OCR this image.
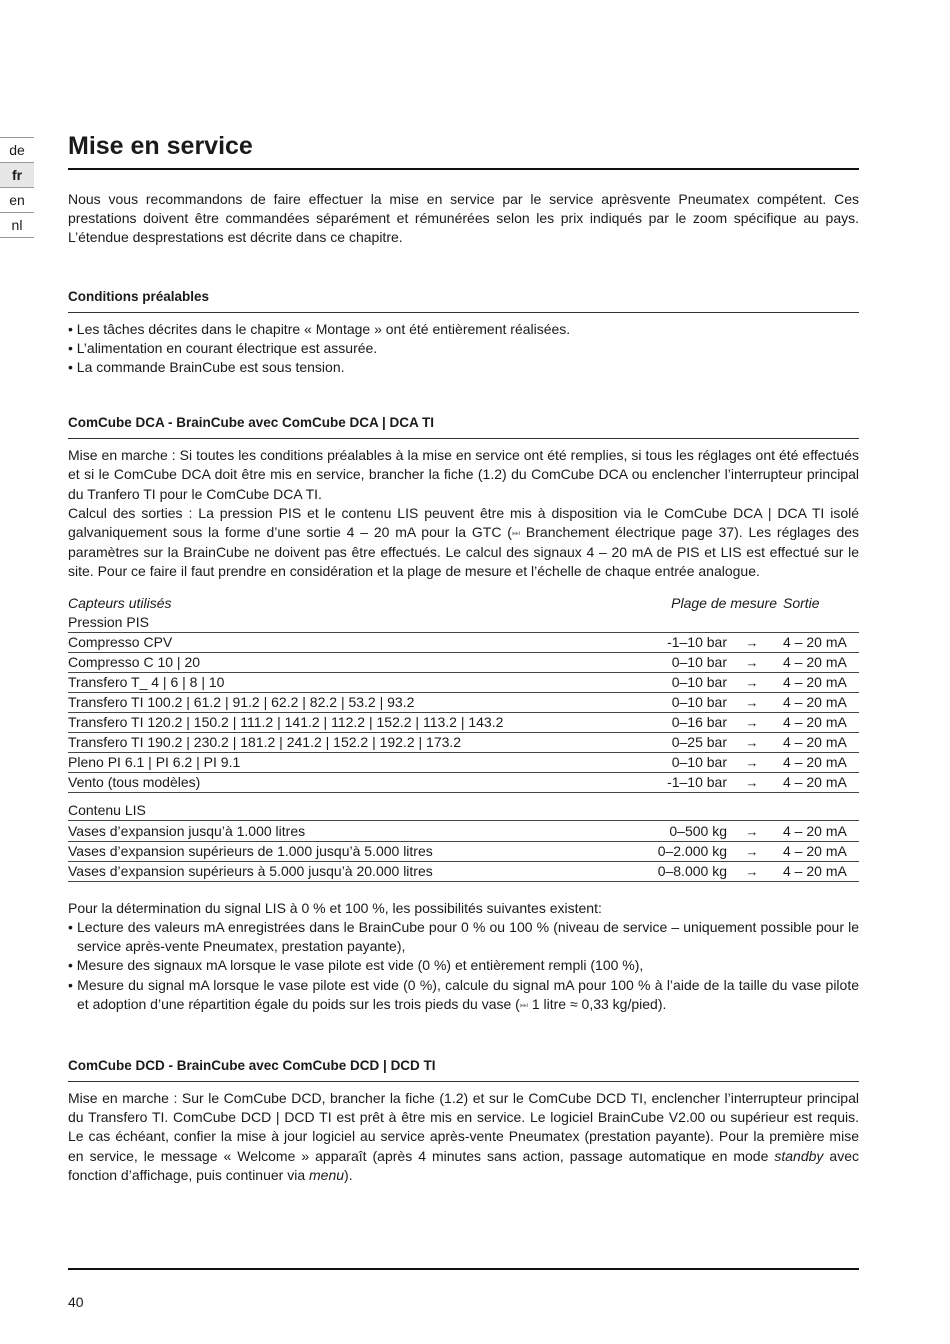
de
fr
en
nl
Mise en service

Nous vous recommandons de faire effectuer la mise en service par le service aprèsvente Pneumatex compétent. Ces prestations doivent être commandées séparément et rémunérées selon les prix indiqués par le zoom spécifique au pays. L’étendue desprestations est décrite dans ce chapitre.

Conditions préalables
• Les tâches décrites dans le chapitre « Montage » ont été entièrement réalisées.
• L’alimentation en courant électrique est assurée.
• La commande BrainCube est sous tension.
ComCube DCA - BrainCube avec ComCube DCA | DCA TI

Mise en marche : Si toutes les conditions préalables à la mise en service ont été remplies, si tous les réglages ont été effectués et si le ComCube DCA doit être mis en service, brancher la fiche (1.2) du ComCube DCA ou enclencher l’interrupteur principal du Tranfero TI pour le ComCube DCA TI.

Calcul des sorties : La pression PIS et le contenu LIS peuvent être mis à disposition via le ComCube DCA | DCA TI isolé galvaniquement sous la forme d’une sortie 4 – 20 mA pour la GTC (⏭ Branchement électrique page 37). Les réglages des paramètres sur la BrainCube ne doivent pas être effectués. Le calcul des signaux 4 – 20 mA de PIS et LIS est effectué sur le site. Pour ce faire il faut prendre en considération et la plage de mesure et l’échelle de chaque entrée analogue.

Capteurs utilisés	Plage de mesure		Sortie
Pression PIS			
Compresso CPV	-1–10 bar	→	4 – 20 mA
Compresso C 10 | 20	0–10 bar	→	4 – 20 mA
Transfero T_ 4 | 6 | 8 | 10	0–10 bar	→	4 – 20 mA
Transfero TI 100.2 | 61.2 | 91.2 | 62.2 | 82.2 | 53.2 | 93.2	0–10 bar	→	4 – 20 mA
Transfero TI 120.2 | 150.2 | 111.2 | 141.2 | 112.2 | 152.2 | 113.2 | 143.2	0–16 bar	→	4 – 20 mA
Transfero TI 190.2 | 230.2 | 181.2 | 241.2 | 152.2 | 192.2 | 173.2	0–25 bar	→	4 – 20 mA
Pleno PI 6.1 | PI 6.2 | PI 9.1	0–10 bar	→	4 – 20 mA
Vento (tous modèles)	-1–10 bar	→	4 – 20 mA

Contenu LIS			
Vases d’expansion jusqu’à 1.000 litres	0–500 kg	→	4 – 20 mA
Vases d’expansion supérieurs de 1.000 jusqu’à 5.000 litres	0–2.000 kg	→	4 – 20 mA
Vases d’expansion supérieurs à 5.000 jusqu’à 20.000 litres	0–8.000 kg	→	4 – 20 mA

Pour la détermination du signal LIS à 0 % et 100 %, les possibilités suivantes existent:

• Lecture des valeurs mA enregistrées dans le BrainCube pour 0 % ou 100 % (niveau de service – uniquement possible pour le service après-vente Pneumatex, prestation payante),
• Mesure des signaux mA lorsque le vase pilote est vide (0 %) et entièrement rempli (100 %),
• Mesure du signal mA lorsque le vase pilote est vide (0 %), calcule du signal mA pour 100 % à l’aide de la taille du vase pilote et adoption d’une répartition égale du poids sur les trois pieds du vase (⏭ 1 litre ≈ 0,33 kg/pied).
ComCube DCD - BrainCube avec ComCube DCD | DCD TI

Mise en marche : Sur le ComCube DCD, brancher la fiche (1.2) et sur le ComCube DCD TI, enclencher l’interrupteur principal du Transfero TI. ComCube DCD | DCD TI est prêt à être mis en service. Le logiciel BrainCube V2.00 ou supérieur est requis. Le cas échéant, confier la mise à jour logiciel au service après-vente Pneumatex (prestation payante). Pour la première mise en service, le message « Welcome » apparaît (après 4 minutes sans action, passage automatique en mode standby avec fonction d’affichage, puis continuer via menu).

40
